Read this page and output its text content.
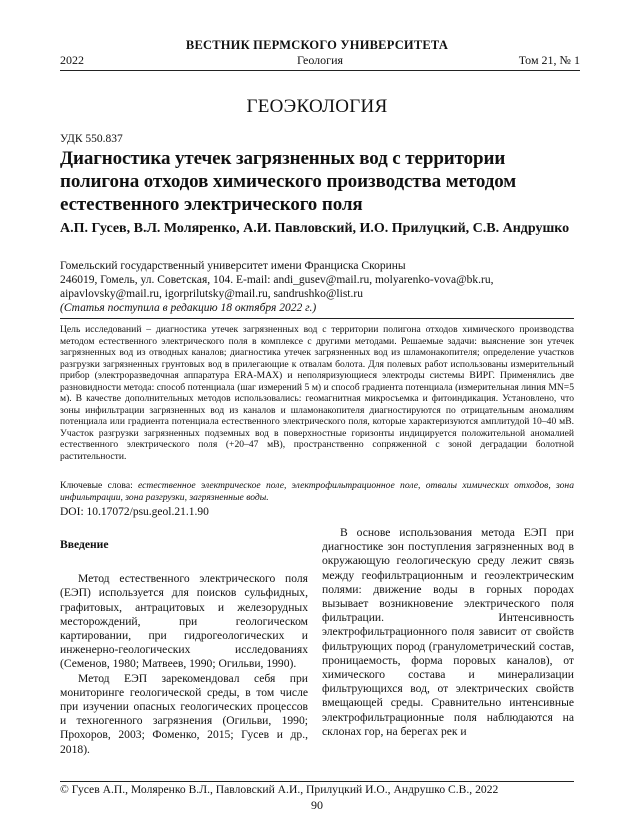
ВЕСТНИК ПЕРМСКОГО УНИВЕРСИТЕТА
2022	Геология	Том 21, № 1
ГЕОЭКОЛОГИЯ
УДК 550.837
Диагностика утечек загрязненных вод с территории полигона отходов химического производства методом естественного электрического поля
А.П. Гусев, В.Л. Моляренко, А.И. Павловский, И.О. Прилуцкий, С.В. Андрушко
Гомельский государственный университет имени Франциска Скорины
246019, Гомель, ул. Советская, 104. E-mail: andi_gusev@mail.ru, molyarenko-vova@bk.ru, aipavlovsky@mail.ru, igorprilutsky@mail.ru, sandrushko@list.ru
(Статья поступила в редакцию 18 октября 2022 г.)
Цель исследований – диагностика утечек загрязненных вод с территории полигона отходов химического производства методом естественного электрического поля в комплексе с другими методами. Решаемые задачи: выяснение зон утечек загрязненных вод из отводных каналов; диагностика утечек загрязненных вод из шламонакопителя; определение участков разгрузки загрязненных грунтовых вод в прилегающие к отвалам болота. Для полевых работ использованы измерительный прибор (электроразведочная аппаратура ERA-MAX) и неполяризующиеся электроды системы ВИРГ. Применялись две разновидности метода: способ потенциала (шаг измерений 5 м) и способ градиента потенциала (измерительная линия MN=5 м). В качестве дополнительных методов использовались: геомагнитная микросъемка и фитоиндикация. Установлено, что зоны инфильтрации загрязненных вод из каналов и шламонакопителя диагностируются по отрицательным аномалиям потенциала или градиента потенциала естественного электрического поля, которые характеризуются амплитудой 10–40 мВ. Участок разгрузки загрязненных подземных вод в поверхностные горизонты индицируется положительной аномалией естественного электрического поля (+20–47 мВ), пространственно сопряженной с зоной деградации болотной растительности.
Ключевые слова: естественное электрическое поле, электрофильтрационное поле, отвалы химических отходов, зона инфильтрации, зона разгрузки, загрязненные воды.
DOI: 10.17072/psu.geol.21.1.90

Введение

Метод естественного электрического поля (ЕЭП) используется для поисков сульфидных, графитовых, антрацитовых и железорудных месторождений, при геологическом картировании, при гидрогеологических и инженерно-геологических исследованиях (Семенов, 1980; Матвеев, 1990; Огильви, 1990).

Метод ЕЭП зарекомендовал себя при мониторинге геологической среды, в том числе при изучении опасных геологических процессов и техногенного загрязнения (Огильви, 1990; Прохоров, 2003; Фоменко, 2015; Гусев и др., 2018).

В основе использования метода ЕЭП при диагностике зон поступления загрязненных вод в окружающую геологическую среду лежит связь между геофильтрационным и геоэлектрическим полями: движение воды в горных породах вызывает возникновение электрического поля фильтрации. Интенсивность электрофильтрационного поля зависит от свойств фильтрующих пород (гранулометрический состав, проницаемость, форма поровых каналов), от химического состава и минерализации фильтрующихся вод, от электрических свойств вмещающей среды. Сравнительно интенсивные электрофильтрационные поля наблюдаются на склонах гор, на берегах рек и

© Гусев А.П., Моляренко В.Л., Павловский А.И., Прилуцкий И.О., Андрушко С.В., 2022
90
